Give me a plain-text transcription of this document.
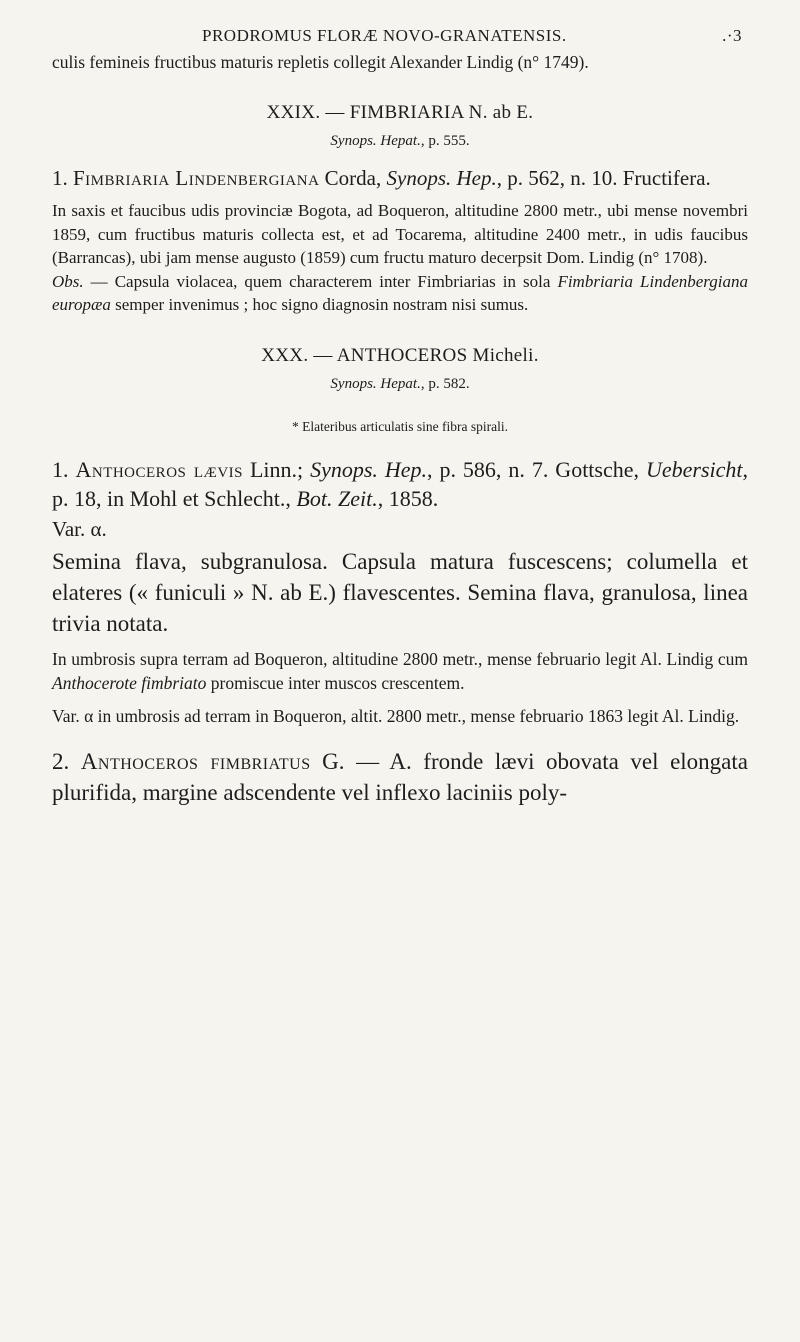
PRODROMUS FLORÆ NOVO-GRANATENSIS.	.·3

culis femineis fructibus maturis repletis collegit Alexander Lindig (n° 1749).

XXIX. — FIMBRIARIA N. ab E.
Synops. Hepat., p. 555.

1. Fimbriaria Lindenbergiana Corda, Synops. Hep., p. 562, n. 10. Fructifera.

In saxis et faucibus udis provinciæ Bogota, ad Boqueron, altitudine 2800 metr., ubi mense novembri 1859, cum fructibus maturis collecta est, et ad Tocarema, altitudine 2400 metr., in udis faucibus (Barrancas), ubi jam mense augusto (1859) cum fructu maturo decerpsit Dom. Lindig (n° 1708).

Obs. — Capsula violacea, quem characterem inter Fimbriarias in sola Fimbriaria Lindenbergiana europæa semper invenimus ; hoc signo diagnosin nostram nisi sumus.

XXX. — ANTHOCEROS Micheli.
Synops. Hepat., p. 582.
* Elateribus articulatis sine fibra spirali.

1. Anthoceros lævis Linn.; Synops. Hep., p. 586, n. 7. Gottsche, Uebersicht, p. 18, in Mohl et Schlecht., Bot. Zeit., 1858.

Var. α.

Semina flava, subgranulosa. Capsula matura fuscescens; columella et elateres (« funiculi » N. ab E.) flavescentes. Semina flava, granulosa, linea trivia notata.

In umbrosis supra terram ad Boqueron, altitudine 2800 metr., mense februario legit Al. Lindig cum Anthocerote fimbriato promiscue inter muscos crescentem.

Var. α in umbrosis ad terram in Boqueron, altit. 2800 metr., mense februario 1863 legit Al. Lindig.

2. Anthoceros fimbriatus G. — A. fronde lævi obovata vel elongata plurifida, margine adscendente vel inflexo laciniis poly-
